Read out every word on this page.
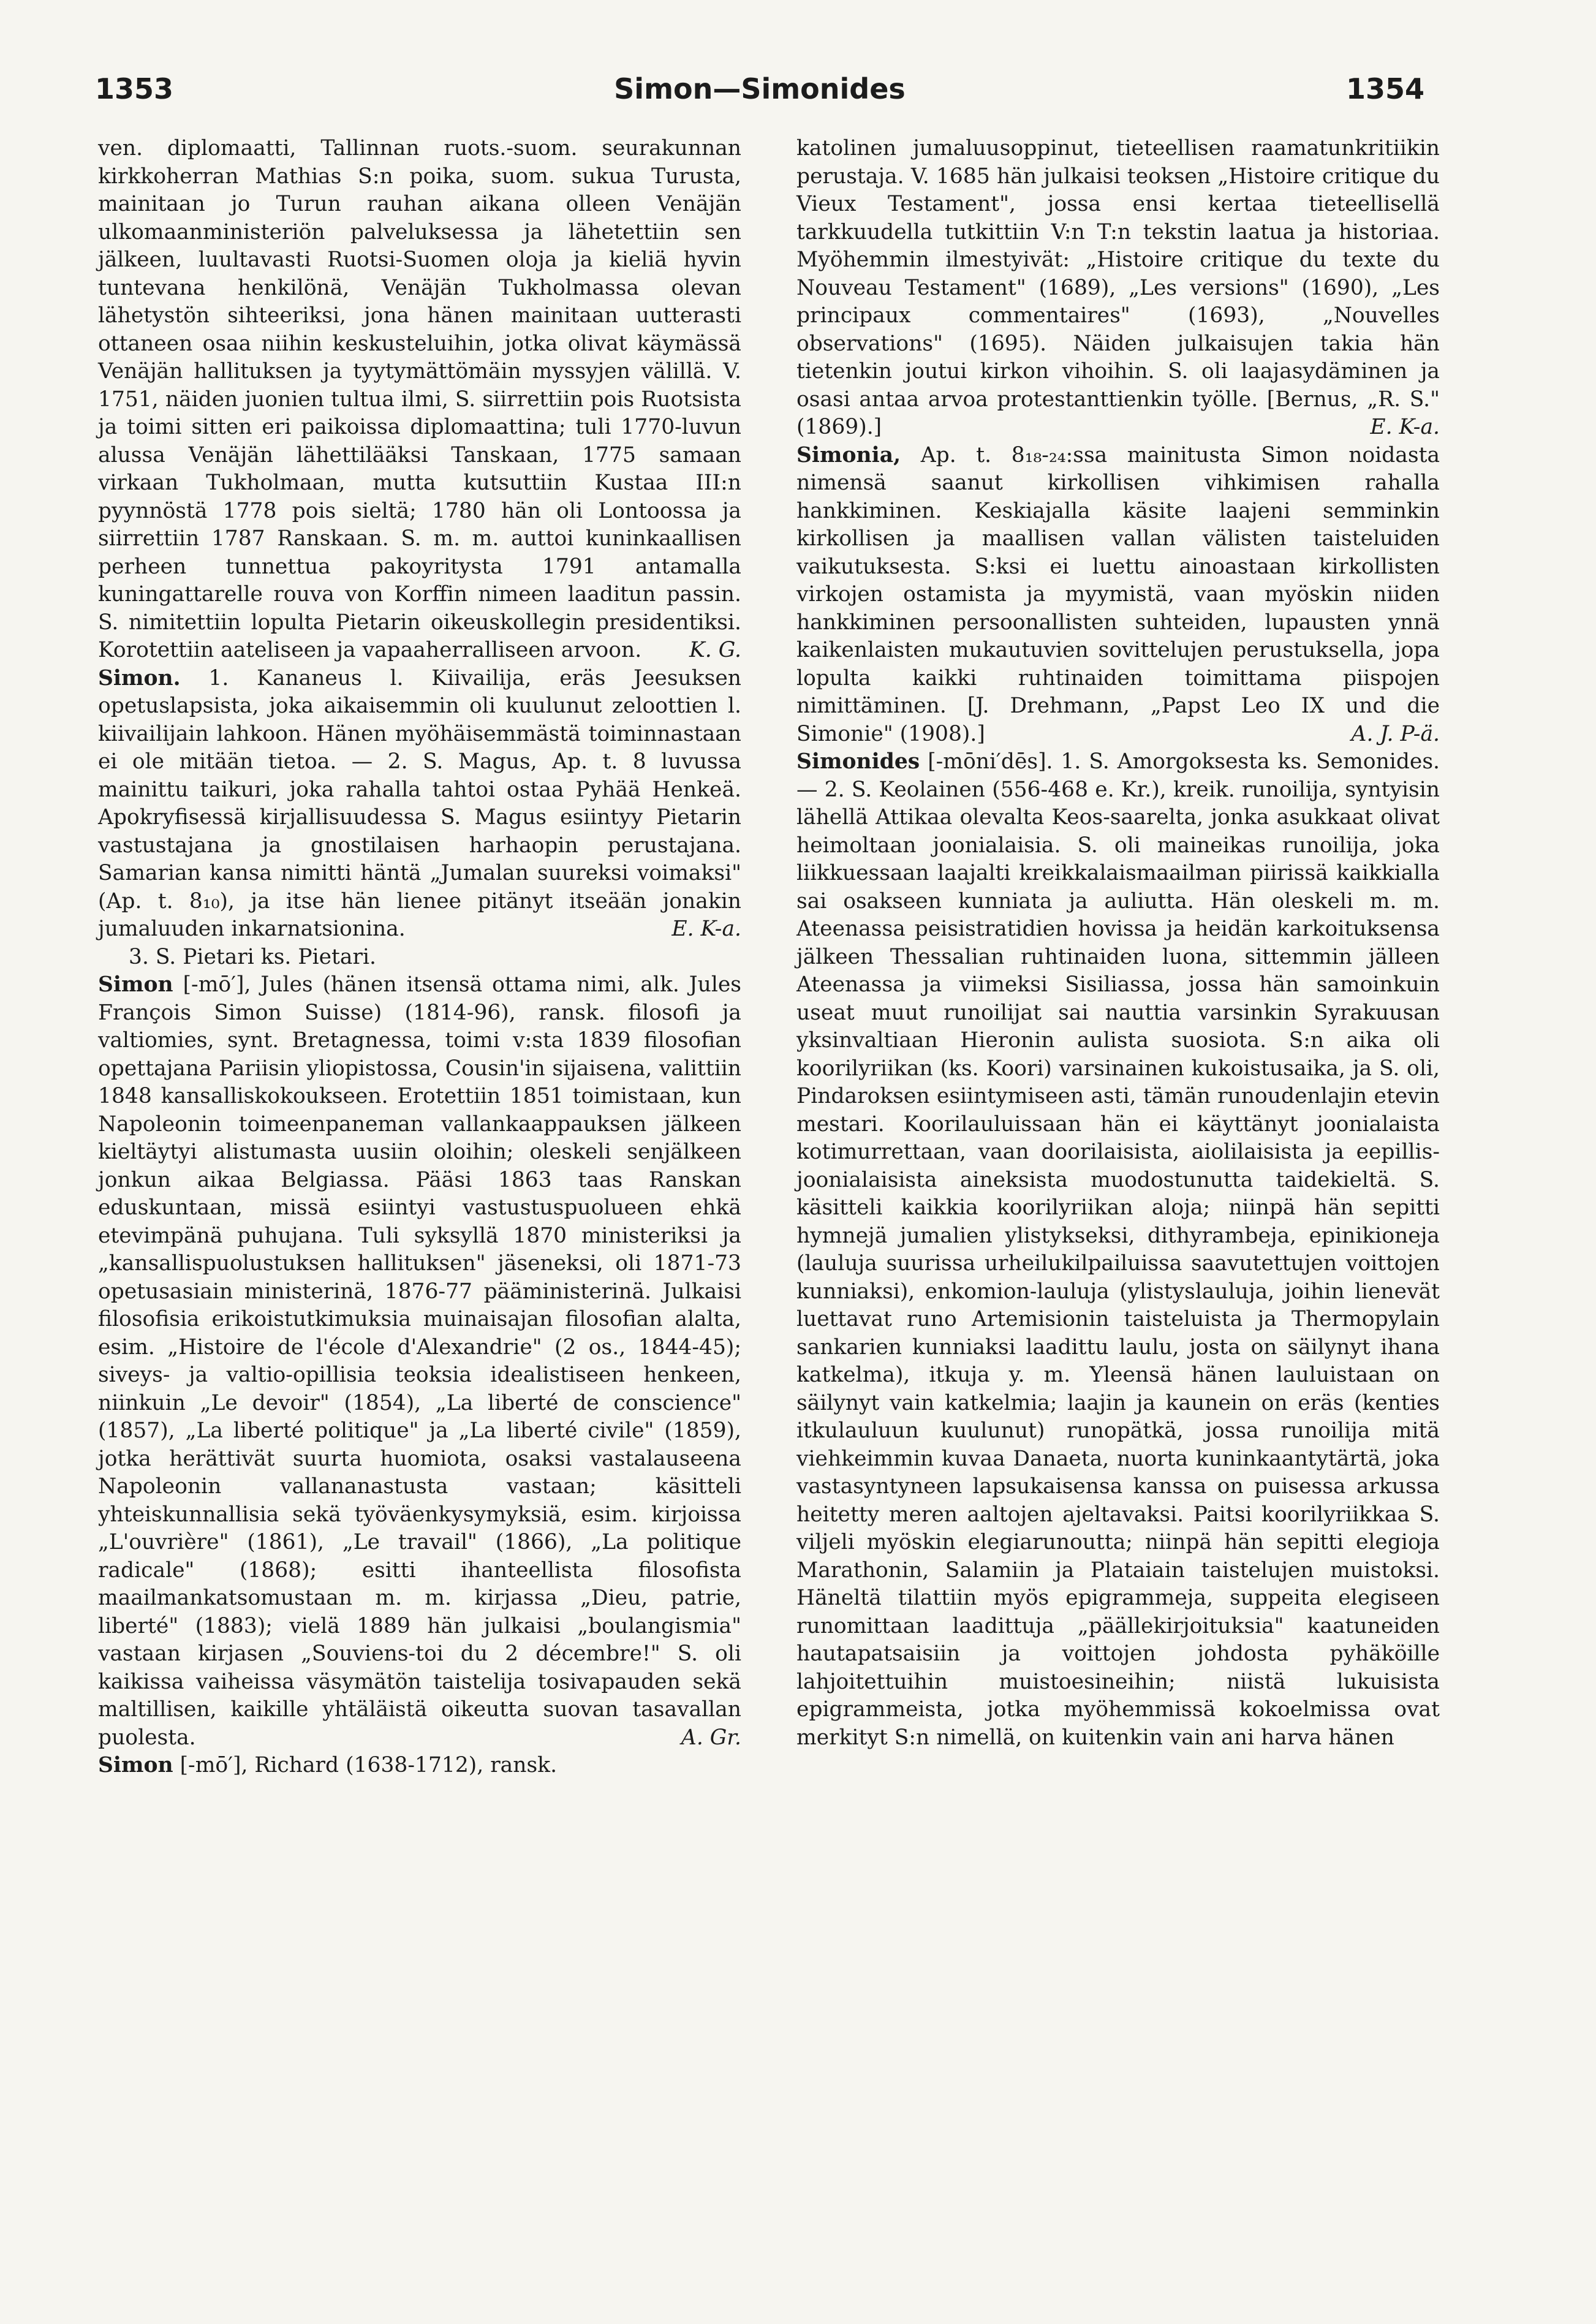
1353	Simon—Simonides	1354

ven. diplomaatti, Tallinnan ruots.-suom. seurakunnan kirkkoherran Mathias S:n poika, suom. sukua Turusta, mainitaan jo Turun rauhan aikana olleen Venäjän ulkomaanministeriön palveluksessa ja lähetettiin sen jälkeen, luultavasti Ruotsi-Suomen oloja ja kieliä hyvin tuntevana henkilönä, Venäjän Tukholmassa olevan lähetystön sihteeriksi, jona hänen mainitaan uutterasti ottaneen osaa niihin keskusteluihin, jotka olivat käymässä Venäjän hallituksen ja tyytymättömäin myssyjen välillä. V. 1751, näiden juonien tultua ilmi, S. siirrettiin pois Ruotsista ja toimi sitten eri paikoissa diplomaattina; tuli 1770-luvun alussa Venäjän lähettilääksi Tanskaan, 1775 samaan virkaan Tukholmaan, mutta kutsuttiin Kustaa III:n pyynnöstä 1778 pois sieltä; 1780 hän oli Lontoossa ja siirrettiin 1787 Ranskaan. S. m. m. auttoi kuninkaallisen perheen tunnettua pakoyritysta 1791 antamalla kuningattarelle rouva von Korffin nimeen laaditun passin. S. nimitettiin lopulta Pietarin oikeuskollegin presidentiksi. Korotettiin aateliseen ja vapaaherralliseen arvoon.	K. G.

Simon. 1. Kananeus l. Kiivailija, eräs Jeesuksen opetuslapsista, joka aikaisemmin oli kuulunut zeloottien l. kiivailijain lahkoon. Hänen myöhäisemmästä toiminnastaan ei ole mitään tietoa. — 2. S. Magus, Ap. t. 8 luvussa mainittu taikuri, joka rahalla tahtoi ostaa Pyhää Henkeä. Apokryfisessä kirjallisuudessa S. Magus esiintyy Pietarin vastustajana ja gnostilaisen harhaopin perustajana. Samarian kansa nimitti häntä „Jumalan suureksi voimaksi" (Ap. t. 8₁₀), ja itse hän lienee pitänyt itseään jonakin jumaluuden inkarnatsionina.	E. K-a.

3. S. Pietari ks. Pietari.

Simon [-mō′], Jules (hänen itsensä ottama nimi, alk. Jules François Simon Suisse) (1814-96), ransk. filosofi ja valtiomies, synt. Bretagnessa, toimi v:sta 1839 filosofian opettajana Pariisin yliopistossa, Cousin'in sijaisena, valittiin 1848 kansalliskokoukseen. Erotettiin 1851 toimistaan, kun Napoleonin toimeenpaneman vallankaappauksen jälkeen kieltäytyi alistumasta uusiin oloihin; oleskeli senjälkeen jonkun aikaa Belgiassa. Pääsi 1863 taas Ranskan eduskuntaan, missä esiintyi vastustuspuolueen ehkä etevimpänä puhujana. Tuli syksyllä 1870 ministeriksi ja „kansallispuolustuksen hallituksen" jäseneksi, oli 1871-73 opetusasiain ministerinä, 1876-77 pääministerinä. Julkaisi filosofisia erikoistutkimuksia muinaisajan filosofian alalta, esim. „Histoire de l'école d'Alexandrie" (2 os., 1844-45); siveys- ja valtio-opillisia teoksia idealistiseen henkeen, niinkuin „Le devoir" (1854), „La liberté de conscience" (1857), „La liberté politique" ja „La liberté civile" (1859), jotka herättivät suurta huomiota, osaksi vastalauseena Napoleonin vallananastusta vastaan; käsitteli yhteiskunnallisia sekä työväenkysymyksiä, esim. kirjoissa „L'ouvrière" (1861), „Le travail" (1866), „La politique radicale" (1868); esitti ihanteellista filosofista maailmankatsomustaan m. m. kirjassa „Dieu, patrie, liberté" (1883); vielä 1889 hän julkaisi „boulangismia" vastaan kirjasen „Souviens-toi du 2 décembre!" S. oli kaikissa vaiheissa väsymätön taistelija tosivapauden sekä maltillisen, kaikille yhtäläistä oikeutta suovan tasavallan puolesta.	A. Gr.

Simon [-mō′], Richard (1638-1712), ransk.

katolinen jumaluusoppinut, tieteellisen raamatunkritiikin perustaja. V. 1685 hän julkaisi teoksen „Histoire critique du Vieux Testament", jossa ensi kertaa tieteellisellä tarkkuudella tutkittiin V:n T:n tekstin laatua ja historiaa. Myöhemmin ilmestyivät: „Histoire critique du texte du Nouveau Testament" (1689), „Les versions" (1690), „Les principaux commentaires" (1693), „Nouvelles observations" (1695). Näiden julkaisujen takia hän tietenkin joutui kirkon vihoihin. S. oli laajasydäminen ja osasi antaa arvoa protestanttienkin työlle. [Bernus, „R. S." (1869).]	E. K-a.

Simonia, Ap. t. 8₁₈-₂₄:ssa mainitusta Simon noidasta nimensä saanut kirkollisen vihkimisen rahalla hankkiminen. Keskiajalla käsite laajeni semminkin kirkollisen ja maallisen vallan välisten taisteluiden vaikutuksesta. S:ksi ei luettu ainoastaan kirkollisten virkojen ostamista ja myymistä, vaan myöskin niiden hankkiminen persoonallisten suhteiden, lupausten ynnä kaikenlaisten mukautuvien sovittelujen perustuksella, jopa lopulta kaikki ruhtinaiden toimittama piispojen nimittäminen. [J. Drehmann, „Papst Leo IX und die Simonie" (1908).]	A. J. P-ä.

Simonides [-mōni′dēs]. 1. S. Amorgoksesta ks. Semonides. — 2. S. Keolainen (556-468 e. Kr.), kreik. runoilija, syntyisin lähellä Attikaa olevalta Keos-saarelta, jonka asukkaat olivat heimoltaan joonialaisia. S. oli maineikas runoilija, joka liikkuessaan laajalti kreikkalaismaailman piirissä kaikkialla sai osakseen kunniata ja auliutta. Hän oleskeli m. m. Ateenassa peisistratidien hovissa ja heidän karkoituksensa jälkeen Thessalian ruhtinaiden luona, sittemmin jälleen Ateenassa ja viimeksi Sisiliassa, jossa hän samoinkuin useat muut runoilijat sai nauttia varsinkin Syrakuusan yksinvaltiaan Hieronin aulista suosiota. S:n aika oli koorilyriikan (ks. Koori) varsinainen kukoistusaika, ja S. oli, Pindaroksen esiintymiseen asti, tämän runoudenlajin etevin mestari. Koorilauluissaan hän ei käyttänyt joonialaista kotimurrettaan, vaan doorilaisista, aiolilaisista ja eepillis-joonialaisista aineksista muodostunutta taidekieltä. S. käsitteli kaikkia koorilyriikan aloja; niinpä hän sepitti hymnejä jumalien ylistykseksi, dithyrambeja, epinikioneja (lauluja suurissa urheilukilpailuissa saavutettujen voittojen kunniaksi), enkomion-lauluja (ylistyslauluja, joihin lienevät luettavat runo Artemisionin taisteluista ja Thermopylain sankarien kunniaksi laadittu laulu, josta on säilynyt ihana katkelma), itkuja y. m. Yleensä hänen lauluistaan on säilynyt vain katkelmia; laajin ja kaunein on eräs (kenties itkulauluun kuulunut) runopätkä, jossa runoilija mitä viehkeimmin kuvaa Danaeta, nuorta kuninkaantytärtä, joka vastasyntyneen lapsukaisensa kanssa on puisessa arkussa heitetty meren aaltojen ajeltavaksi. Paitsi koorilyriikkaa S. viljeli myöskin elegiarunoutta; niinpä hän sepitti elegioja Marathonin, Salamiin ja Plataiain taistelujen muistoksi. Häneltä tilattiin myös epigrammeja, suppeita elegiseen runomittaan laadittuja „päällekirjoituksia" kaatuneiden hautapatsaisiin ja voittojen johdosta pyhäköille lahjoitettuihin muistoesineihin; niistä lukuisista epigrammeista, jotka myöhemmissä kokoelmissa ovat merkityt S:n nimellä, on kuitenkin vain ani harva hänen
